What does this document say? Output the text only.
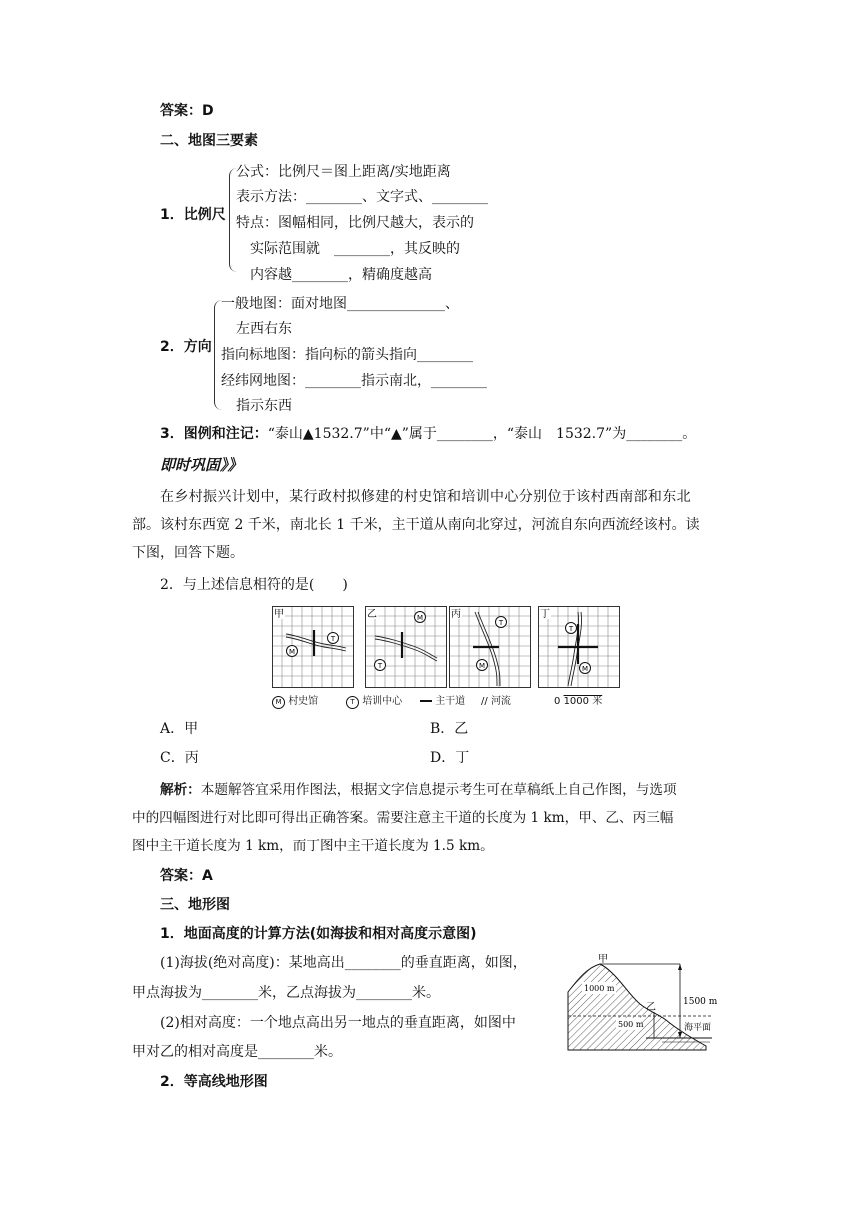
答案：D
二、地图三要素
1．比例尺
公式：比例尺＝图上距离/实地距离
表示方法：________、文字式、________
特点：图幅相同，比例尺越大，表示的
实际范围就　________，其反映的
内容越________，精确度越高
2．方向
一般地图：面对地图______________、
左西右东
指向标地图：指向标的箭头指向________
经纬网地图：________指示南北，________
指示东西
3．图例和注记：“泰山▲1532.7”中“▲”属于________，“泰山　1532.7”为________。
即时巩固》》
在乡村振兴计划中，某行政村拟修建的村史馆和培训中心分别位于该村西南部和东北
部。该村东西宽 2 千米，南北长 1 千米，主干道从南向北穿过，河流自东向西流经该村。读
下图，回答下题。
2．与上述信息相符的是(　　)
甲
T
M
乙	M
T
丙
T
M
丁
T
M
M 村史馆	T 培训中心	主干道 // 河流	0 1000 米
A．甲	B．乙
C．丙	D．丁
解析：本题解答宜采用作图法，根据文字信息提示考生可在草稿纸上自己作图，与选项
中的四幅图进行对比即可得出正确答案。需要注意主干道的长度为 1 km，甲、乙、丙三幅
图中主干道长度为 1 km，而丁图中主干道长度为 1.5 km。
答案：A
三、地形图
1．地面高度的计算方法(如海拔和相对高度示意图)
(1)海拔(绝对高度)：某地高出________的垂直距离，如图，
甲点海拔为________米，乙点海拔为________米。
(2)相对高度：一个地点高出另一地点的垂直距离，如图中
甲对乙的相对高度是________米。
2．等高线地形图
甲
乙
1000 m
500 m
1500 m
海平面
